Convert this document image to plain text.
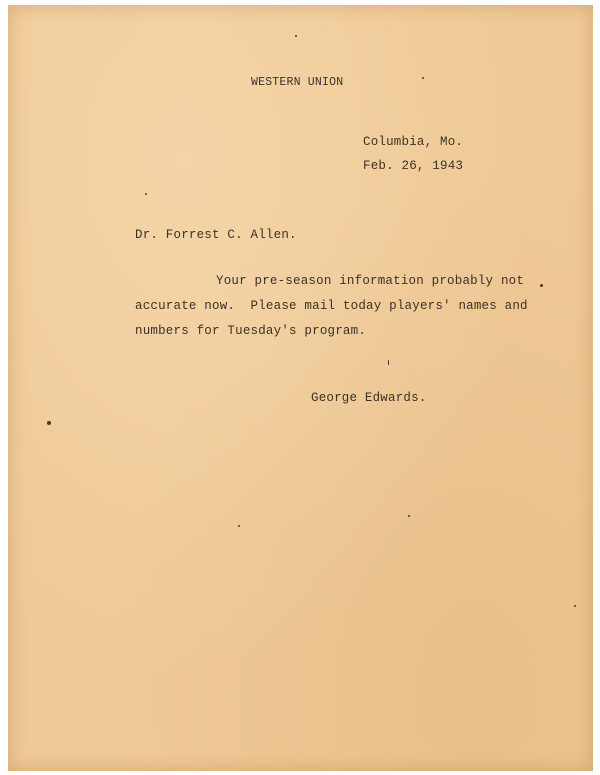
WESTERN UNION
Columbia, Mo.
Feb. 26, 1943
Dr. Forrest C. Allen.
Your pre-season information probably not
accurate now.  Please mail today players' names and
numbers for Tuesday's program.
George Edwards.
